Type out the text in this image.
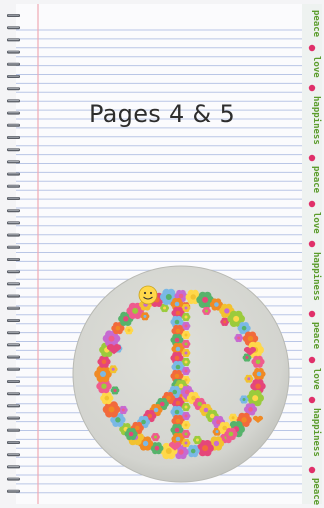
Pages 4 & 5
peace
love
happiness
peace
love
happiness
peace
love
happiness
peace
